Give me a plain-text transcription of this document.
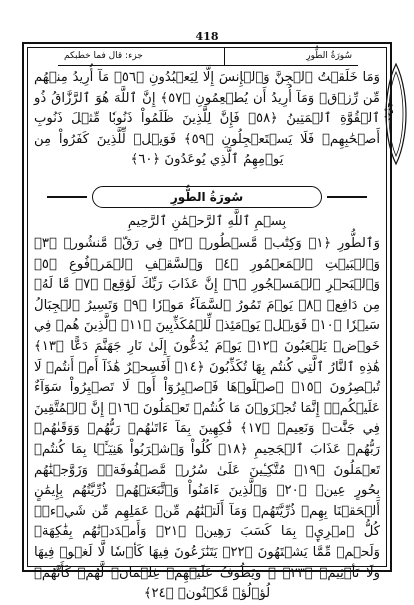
418
سُورَةُ الطُّورِ
جزء: قال فما خطبكم
حِزْبٌ
وَمَا خَلَقۡتُ ٱلۡجِنَّ وَٱلۡإِنسَ إِلَّا لِيَعۡبُدُونِ ﴿٥٦﴾ مَآ أُرِيدُ مِنۡهُم مِّن رِّزۡقٖ وَمَآ أُرِيدُ أَن يُطۡعِمُونِ ﴿٥٧﴾ إِنَّ ٱللَّهَ هُوَ ٱلرَّزَّاقُ ذُو ٱلۡقُوَّةِ ٱلۡمَتِينُ ﴿٥٨﴾ فَإِنَّ لِلَّذِينَ ظَلَمُواْ ذَنُوبٗا مِّثۡلَ ذَنُوبِ أَصۡحَٰبِهِمۡ فَلَا يَسۡتَعۡجِلُونِ ﴿٥٩﴾ فَوَيۡلٞ لِّلَّذِينَ كَفَرُواْ مِن يَوۡمِهِمُ ٱلَّذِي يُوعَدُونَ ﴿٦٠﴾
سُورَةُ الطُّورِ
بِسۡمِ ٱللَّهِ ٱلرَّحۡمَٰنِ ٱلرَّحِيمِ
وَٱلطُّورِ ﴿١﴾ وَكِتَٰبٖ مَّسۡطُورٖ ﴿٢﴾ فِي رَقّٖ مَّنشُورٖ ﴿٣﴾ وَٱلۡبَيۡتِ ٱلۡمَعۡمُورِ ﴿٤﴾ وَٱلسَّقۡفِ ٱلۡمَرۡفُوعِ ﴿٥﴾ وَٱلۡبَحۡرِ ٱلۡمَسۡجُورِ ﴿٦﴾ إِنَّ عَذَابَ رَبِّكَ لَوَٰقِعٞ ﴿٧﴾ مَّا لَهُۥ مِن دَافِعٖ ﴿٨﴾ يَوۡمَ تَمُورُ ٱلسَّمَآءُ مَوۡرٗا ﴿٩﴾ وَتَسِيرُ ٱلۡجِبَالُ سَيۡرٗا ﴿١٠﴾ فَوَيۡلٞ يَوۡمَئِذٖ لِّلۡمُكَذِّبِينَ ﴿١١﴾ ٱلَّذِينَ هُمۡ فِي خَوۡضٖ يَلۡعَبُونَ ﴿١٢﴾ يَوۡمَ يُدَعُّونَ إِلَىٰ نَارِ جَهَنَّمَ دَعًّا ﴿١٣﴾ هَٰذِهِ ٱلنَّارُ ٱلَّتِي كُنتُم بِهَا تُكَذِّبُونَ ﴿١٤﴾ أَفَسِحۡرٌ هَٰذَآ أَمۡ أَنتُمۡ لَا تُبۡصِرُونَ ﴿١٥﴾ ٱصۡلَوۡهَا فَٱصۡبِرُوٓاْ أَوۡ لَا تَصۡبِرُواْ سَوَآءٌ عَلَيۡكُمۡۖ إِنَّمَا تُجۡزَوۡنَ مَا كُنتُمۡ تَعۡمَلُونَ ﴿١٦﴾ إِنَّ ٱلۡمُتَّقِينَ فِي جَنَّٰتٖ وَنَعِيمٖ ﴿١٧﴾ فَٰكِهِينَ بِمَآ ءَاتَىٰهُمۡ رَبُّهُمۡ وَوَقَىٰهُمۡ رَبُّهُمۡ عَذَابَ ٱلۡجَحِيمِ ﴿١٨﴾ كُلُواْ وَٱشۡرَبُواْ هَنِيٓـَٔۢا بِمَا كُنتُمۡ تَعۡمَلُونَ ﴿١٩﴾ مُتَّكِـِٔينَ عَلَىٰ سُرُرٖ مَّصۡفُوفَةٖۖ وَزَوَّجۡنَٰهُم بِحُورٍ عِينٖ ﴿٢٠﴾ وَٱلَّذِينَ ءَامَنُواْ وَٱتَّبَعَتۡهُمۡ ذُرِّيَّتُهُم بِإِيمَٰنٍ أَلۡحَقۡنَا بِهِمۡ ذُرِّيَّتَهُمۡ وَمَآ أَلَتۡنَٰهُم مِّنۡ عَمَلِهِم مِّن شَيۡءٖۚ كُلُّ ٱمۡرِيِٕۭ بِمَا كَسَبَ رَهِينٞ ﴿٢١﴾ وَأَمۡدَدۡنَٰهُم بِفَٰكِهَةٖ وَلَحۡمٖ مِّمَّا يَشۡتَهُونَ ﴿٢٢﴾ يَتَنَٰزَعُونَ فِيهَا كَأۡسٗا لَّا لَغۡوٞ فِيهَا وَلَا تَأۡثِيمٞ ﴿٢٣﴾ ۞ وَيَطُوفُ عَلَيۡهِمۡ غِلۡمَانٞ لَّهُمۡ كَأَنَّهُمۡ لُؤۡلُؤٞ مَّكۡنُونٞ ﴿٢٤﴾
